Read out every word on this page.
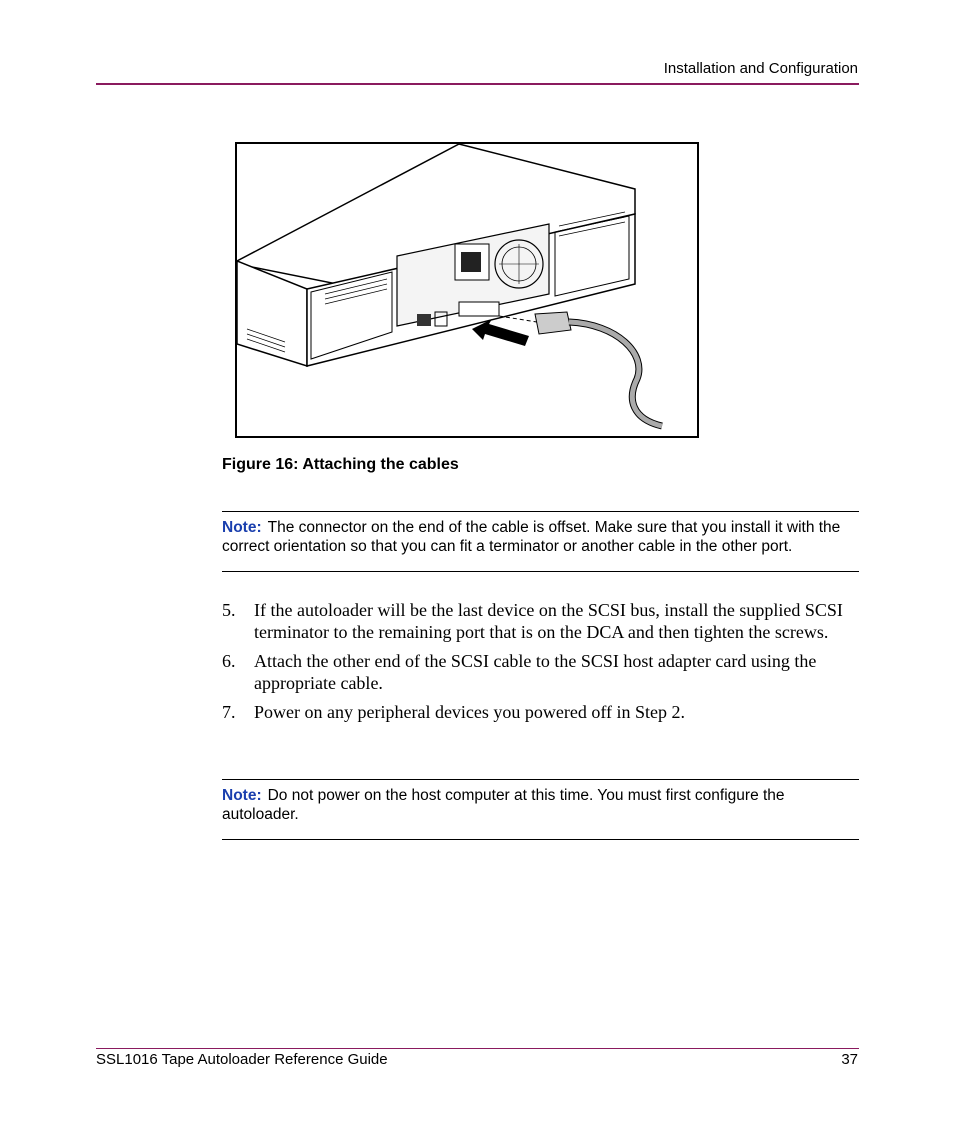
Installation and Configuration
Figure 16: Attaching the cables
Note: The connector on the end of the cable is offset. Make sure that you install it with the correct orientation so that you can fit a terminator or another cable in the other port.
5. If the autoloader will be the last device on the SCSI bus, install the supplied SCSI terminator to the remaining port that is on the DCA and then tighten the screws.
6. Attach the other end of the SCSI cable to the SCSI host adapter card using the appropriate cable.
7. Power on any peripheral devices you powered off in Step 2.
Note: Do not power on the host computer at this time. You must first configure the autoloader.
SSL1016 Tape Autoloader Reference Guide	37
